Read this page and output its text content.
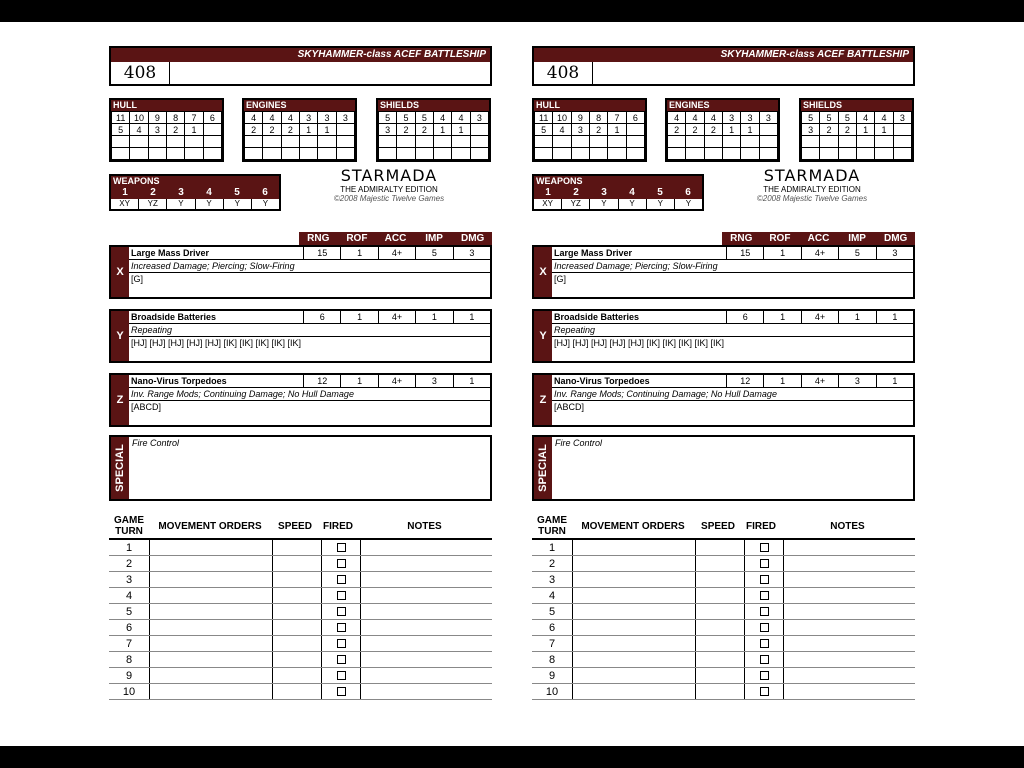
SKYHAMMER-class ACEF BATTLESHIP
408
HULL
11	10	9	8	7	6
5	4	3	2	1	

ENGINES
4	4	4	3	3	3
2	2	2	1	1	

SHIELDS
5	5	5	4	4	3
3	2	2	1	1	

WEAPONS
1	2	3	4	5	6
XY	YZ	Y	Y	Y	Y
STARMADA
THE ADMIRALTY EDITION
©2008 Majestic Twelve Games
RNG	ROF	ACC	IMP	DMG
X
Large Mass Driver	15	1	4+	5	3
Increased Damage; Piercing; Slow-Firing
[G]
Y
Broadside Batteries	6	1	4+	1	1
Repeating
[HJ] [HJ] [HJ] [HJ] [HJ] [IK] [IK] [IK] [IK] [IK]
Z
Nano-Virus Torpedoes	12	1	4+	3	1
Inv. Range Mods; Continuing Damage; No Hull Damage
[ABCD]
SPECIAL
Fire Control
GAME TURN	MOVEMENT ORDERS	SPEED	FIRED	NOTES
1
2
3
4
5
6
7
8
9
10
SKYHAMMER-class ACEF BATTLESHIP
408
HULL
11	10	9	8	7	6
5	4	3	2	1	

ENGINES
4	4	4	3	3	3
2	2	2	1	1	

SHIELDS
5	5	5	4	4	3
3	2	2	1	1	

WEAPONS
1	2	3	4	5	6
XY	YZ	Y	Y	Y	Y
STARMADA
THE ADMIRALTY EDITION
©2008 Majestic Twelve Games
RNG	ROF	ACC	IMP	DMG
X
Large Mass Driver	15	1	4+	5	3
Increased Damage; Piercing; Slow-Firing
[G]
Y
Broadside Batteries	6	1	4+	1	1
Repeating
[HJ] [HJ] [HJ] [HJ] [HJ] [IK] [IK] [IK] [IK] [IK]
Z
Nano-Virus Torpedoes	12	1	4+	3	1
Inv. Range Mods; Continuing Damage; No Hull Damage
[ABCD]
SPECIAL
Fire Control
GAME TURN	MOVEMENT ORDERS	SPEED	FIRED	NOTES
1
2
3
4
5
6
7
8
9
10
